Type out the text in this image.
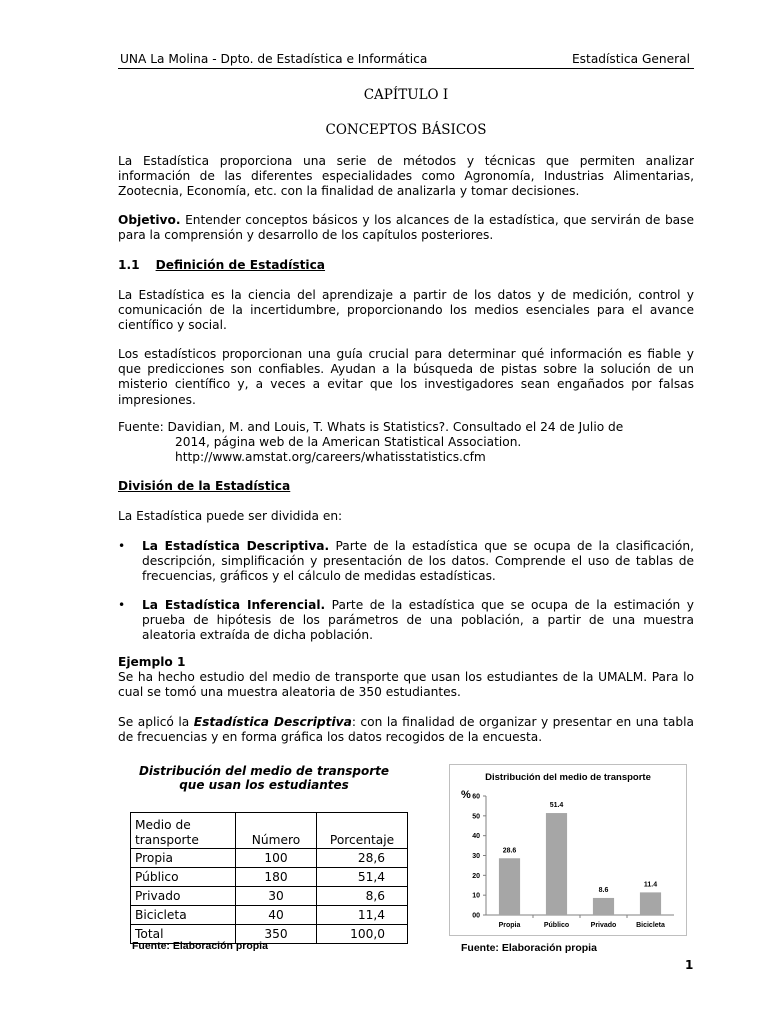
UNA La Molina - Dpto. de Estadística e Informática	Estadística General
CAPÍTULO I
CONCEPTOS BÁSICOS
La Estadística proporciona una serie de métodos y técnicas que permiten analizar información de las diferentes especialidades como Agronomía, Industrias Alimentarias, Zootecnia, Economía, etc. con la finalidad de analizarla y tomar decisiones.
Objetivo. Entender conceptos básicos y los alcances de la estadística, que servirán de base para la comprensión y desarrollo de los capítulos posteriores.
1.1 Definición de Estadística
La Estadística es la ciencia del aprendizaje a partir de los datos y de medición, control y comunicación de la incertidumbre, proporcionando los medios esenciales para el avance científico y social.
Los estadísticos proporcionan una guía crucial para determinar qué información es fiable y que predicciones son confiables. Ayudan a la búsqueda de pistas sobre la solución de un misterio científico y, a veces a evitar que los investigadores sean engañados por falsas impresiones.
Fuente: Davidian, M. and Louis, T. Whats is Statistics?. Consultado el 24 de Julio de
2014, página web de la American Statistical Association.
http://www.amstat.org/careers/whatisstatistics.cfm
División de la Estadística
La Estadística puede ser dividida en:
• La Estadística Descriptiva. Parte de la estadística que se ocupa de la clasificación, descripción, simplificación y presentación de los datos. Comprende el uso de tablas de frecuencias, gráficos y el cálculo de medidas estadísticas.
• La Estadística Inferencial. Parte de la estadística que se ocupa de la estimación y prueba de hipótesis de los parámetros de una población, a partir de una muestra aleatoria extraída de dicha población.
Ejemplo 1
Se ha hecho estudio del medio de transporte que usan los estudiantes de la UMALM. Para lo cual se tomó una muestra aleatoria de 350 estudiantes.
Se aplicó la Estadística Descriptiva: con la finalidad de organizar y presentar en una tabla de frecuencias y en forma gráfica los datos recogidos de la encuesta.
Distribución del medio de transporte
que usan los estudiantes
Medio de
transporte	Número	Porcentaje
Propia	100	28,6
Público	180	51,4
Privado	30	8,6
Bicicleta	40	11,4
Total	350	100,0
Fuente: Elaboración propia
Distribución del medio de transporte
%
00
10
20
30
40
50
60
28.6
Propia
51.4
Público
8.6
Privado
11.4
Bicicleta
Fuente: Elaboración propia
1
